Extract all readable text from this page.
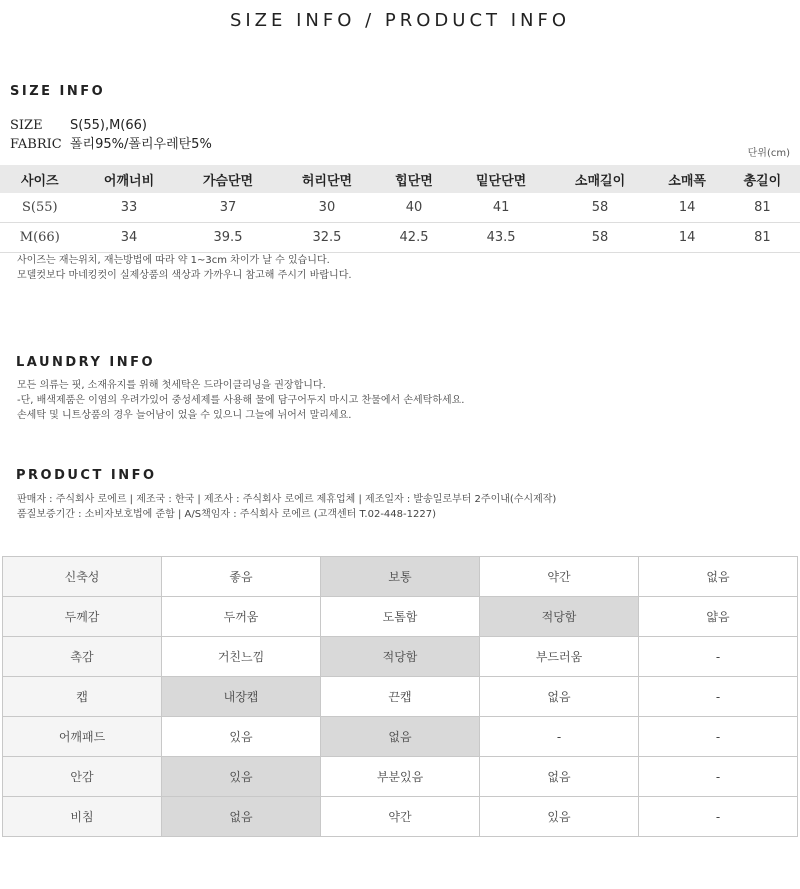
SIZE INFO / PRODUCT INFO
SIZE INFO
SIZE S(55),M(66)
FABRIC 폴리95%/폴리우레탄5%
단위(cm)
사이즈	어깨너비	가슴단면	허리단면	힙단면	밑단단면	소매길이	소매폭	총길이
S(55)	33	37	30	40	41	58	14	81
M(66)	34	39.5	32.5	42.5	43.5	58	14	81
사이즈는 재는위치, 재는방법에 따라 약 1~3cm 차이가 날 수 있습니다.
모델컷보다 마네킹컷이 실제상품의 색상과 가까우니 참고해 주시기 바랍니다.
LAUNDRY INFO
모든 의류는 핏, 소재유지를 위해 첫세탁은 드라이클리닝을 권장합니다.
-단, 배색제품은 이염의 우려가있어 중성세제를 사용해 물에 담구어두지 마시고 찬물에서 손세탁하세요.
손세탁 및 니트상품의 경우 늘어남이 었을 수 있으니 그늘에 뉘어서 말리세요.
PRODUCT INFO
판매자 : 주식회사 로에르 | 제조국 : 한국 | 제조사 : 주식회사 로에르 제휴업체 | 제조일자 : 발송일로부터 2주이내(수시제작)
품질보증기간 : 소비자보호법에 준함 | A/S책임자 : 주식회사 로에르 (고객센터 T.02-448-1227)
신축성	좋음	보통	약간	없음
두께감	두꺼움	도톰함	적당함	얇음
촉감	거친느낌	적당함	부드러움	-
캡	내장캡	끈캡	없음	-
어깨패드	있음	없음	-	-
안감	있음	부분있음	없음	-
비침	없음	약간	있음	-
